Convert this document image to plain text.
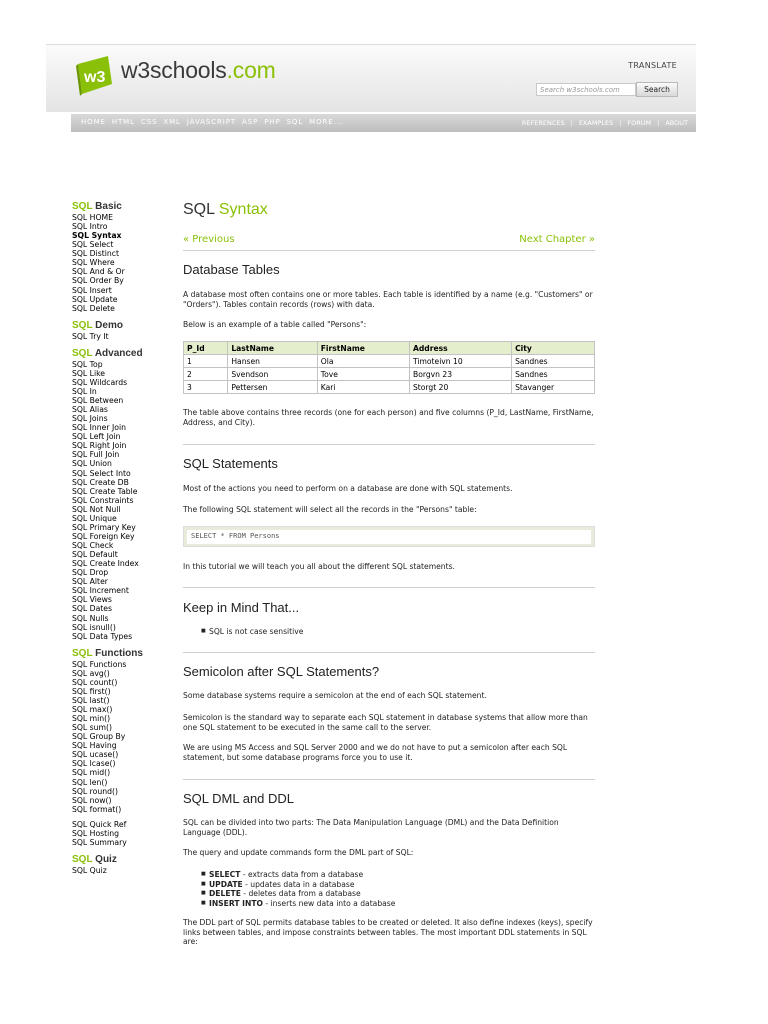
w3 w3schools.com	TRANSLATE
Search w3schools.com
Search
HOME HTML CSS XML JAVASCRIPT ASP PHP SQL MORE...	REFERENCES | EXAMPLES | FORUM | ABOUT
SQL Basic
SQL HOME
SQL Intro
SQL Syntax
SQL Select
SQL Distinct
SQL Where
SQL And & Or
SQL Order By
SQL Insert
SQL Update
SQL Delete
SQL Demo
SQL Try It
SQL Advanced
SQL Top
SQL Like
SQL Wildcards
SQL In
SQL Between
SQL Alias
SQL Joins
SQL Inner Join
SQL Left Join
SQL Right Join
SQL Full Join
SQL Union
SQL Select Into
SQL Create DB
SQL Create Table
SQL Constraints
SQL Not Null
SQL Unique
SQL Primary Key
SQL Foreign Key
SQL Check
SQL Default
SQL Create Index
SQL Drop
SQL Alter
SQL Increment
SQL Views
SQL Dates
SQL Nulls
SQL isnull()
SQL Data Types
SQL Functions
SQL Functions
SQL avg()
SQL count()
SQL first()
SQL last()
SQL max()
SQL min()
SQL sum()
SQL Group By
SQL Having
SQL ucase()
SQL lcase()
SQL mid()
SQL len()
SQL round()
SQL now()
SQL format()
SQL Quick Ref
SQL Hosting
SQL Summary
SQL Quiz
SQL Quiz
SQL Syntax
« Previous	Next Chapter »
Database Tables
A database most often contains one or more tables. Each table is identified by a name (e.g. "Customers" or "Orders"). Tables contain records (rows) with data.
Below is an example of a table called "Persons":
P_Id	LastName	FirstName	Address	City
1	Hansen	Ola	Timoteivn 10	Sandnes
2	Svendson	Tove	Borgvn 23	Sandnes
3	Pettersen	Kari	Storgt 20	Stavanger
The table above contains three records (one for each person) and five columns (P_Id, LastName, FirstName, Address, and City).
SQL Statements
Most of the actions you need to perform on a database are done with SQL statements.
The following SQL statement will select all the records in the "Persons" table:
SELECT * FROM Persons
In this tutorial we will teach you all about the different SQL statements.
Keep in Mind That...
■ SQL is not case sensitive
Semicolon after SQL Statements?
Some database systems require a semicolon at the end of each SQL statement.
Semicolon is the standard way to separate each SQL statement in database systems that allow more than one SQL statement to be executed in the same call to the server.
We are using MS Access and SQL Server 2000 and we do not have to put a semicolon after each SQL statement, but some database programs force you to use it.
SQL DML and DDL
SQL can be divided into two parts: The Data Manipulation Language (DML) and the Data Definition Language (DDL).
The query and update commands form the DML part of SQL:
■ SELECT - extracts data from a database
■ UPDATE - updates data in a database
■ DELETE - deletes data from a database
■ INSERT INTO - inserts new data into a database
The DDL part of SQL permits database tables to be created or deleted. It also define indexes (keys), specify links between tables, and impose constraints between tables. The most important DDL statements in SQL are:
